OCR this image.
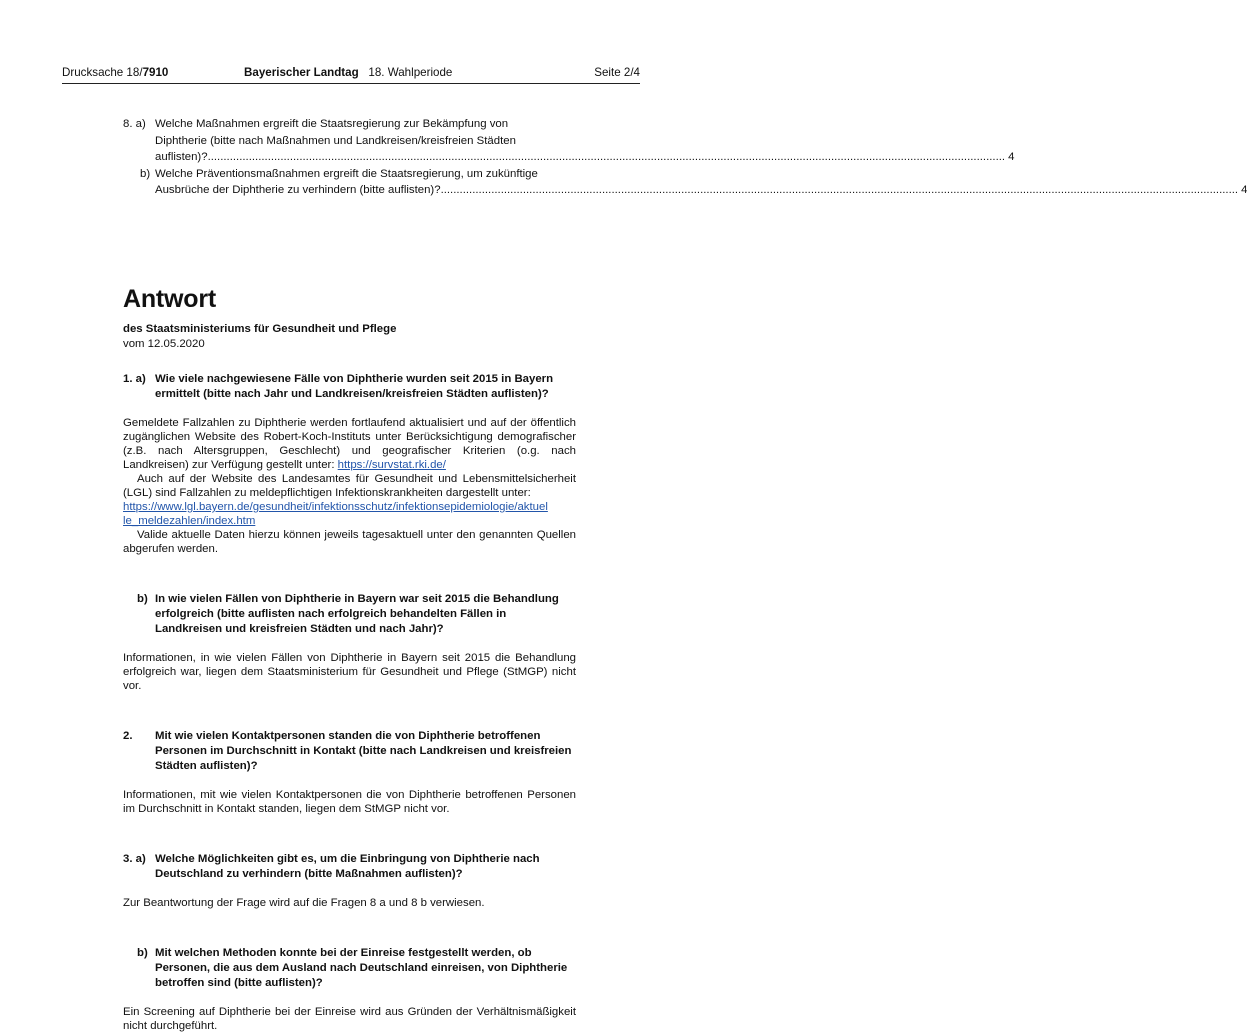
Drucksache 18/7910	Bayerischer Landtag 18. Wahlperiode	Seite 2/4
8. a) Welche Maßnahmen ergreift die Staatsregierung zur Bekämpfung von
Diphtherie (bitte nach Maßnahmen und Landkreisen/kreisfreien Städten
auflisten)? ............................................................................................................................................................................................................................................................ 4
b) Welche Präventionsmaßnahmen ergreift die Staatsregierung, um zukünftige
Ausbrüche der Diphtherie zu verhindern (bitte auflisten)? ............................................................................................................................................................................................................................................................ 4
Antwort
des Staatsministeriums für Gesundheit und Pflege
vom 12.05.2020
1. a) Wie viele nachgewiesene Fälle von Diphtherie wurden seit 2015 in Bayern ermittelt (bitte nach Jahr und Landkreisen/kreisfreien Städten auflisten)?

Gemeldete Fallzahlen zu Diphtherie werden fortlaufend aktualisiert und auf der öffentlich zugänglichen Website des Robert-Koch-Instituts unter Berücksichtigung demografischer (z.B. nach Altersgruppen, Geschlecht) und geografischer Kriterien (o.g. nach Landkreisen) zur Verfügung gestellt unter: https://survstat.rki.de/

Auch auf der Website des Landesamtes für Gesundheit und Lebensmittelsicherheit (LGL) sind Fallzahlen zu meldepflichtigen Infektionskrankheiten dargestellt unter:

https://www.lgl.bayern.de/gesundheit/infektionsschutz/infektionsepidemiologie/aktuel
le_meldezahlen/index.htm

Valide aktuelle Daten hierzu können jeweils tagesaktuell unter den genannten Quellen abgerufen werden.

b) In wie vielen Fällen von Diphtherie in Bayern war seit 2015 die Behandlung erfolgreich (bitte auflisten nach erfolgreich behandelten Fällen in Landkreisen und kreisfreien Städten und nach Jahr)?

Informationen, in wie vielen Fällen von Diphtherie in Bayern seit 2015 die Behandlung erfolgreich war, liegen dem Staatsministerium für Gesundheit und Pflege (StMGP) nicht vor.

2. Mit wie vielen Kontaktpersonen standen die von Diphtherie betroffenen Personen im Durchschnitt in Kontakt (bitte nach Landkreisen und kreisfreien Städten auflisten)?

Informationen, mit wie vielen Kontaktpersonen die von Diphtherie betroffenen Personen im Durchschnitt in Kontakt standen, liegen dem StMGP nicht vor.

3. a) Welche Möglichkeiten gibt es, um die Einbringung von Diphtherie nach Deutschland zu verhindern (bitte Maßnahmen auflisten)?

Zur Beantwortung der Frage wird auf die Fragen 8 a und 8 b verwiesen.

b) Mit welchen Methoden konnte bei der Einreise festgestellt werden, ob Personen, die aus dem Ausland nach Deutschland einreisen, von Diphtherie betroffen sind (bitte auflisten)?

Ein Screening auf Diphtherie bei der Einreise wird aus Gründen der Verhältnismäßigkeit nicht durchgeführt.
